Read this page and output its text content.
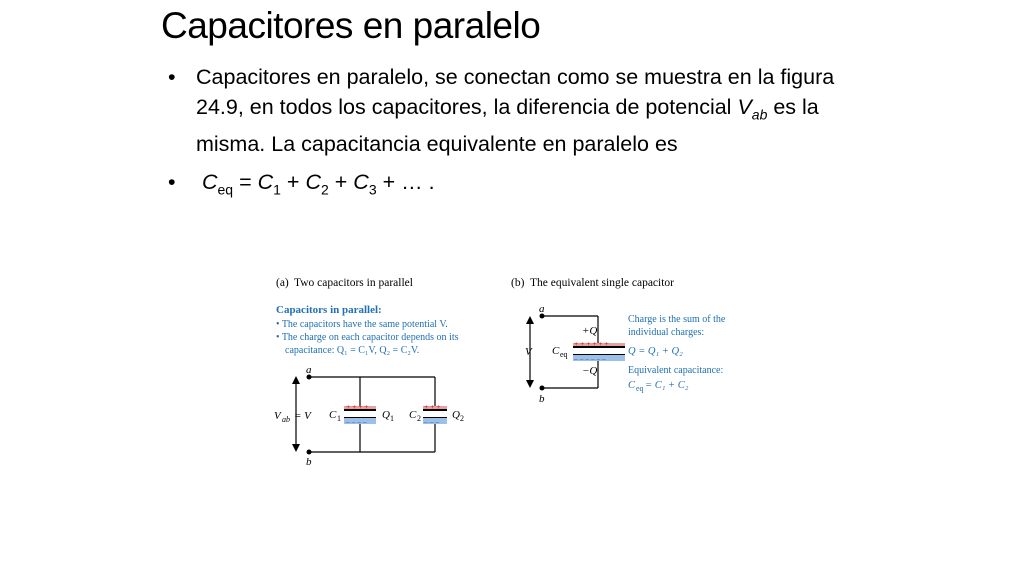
Capacitores en paralelo
• Capacitores en paralelo, se conectan como se muestra en la figura 24.9, en todos los capacitores, la diferencia de potencial $V_{ab}$ es la misma. La capacitancia equivalente en paralelo es
•	$C_{eq} = C_1 + C_2 + C_3$ + … .
(a) Two capacitors in parallel
Capacitors in parallel:
• The capacitors have the same potential V.
• The charge on each capacitor depends on its
capacitance: Q₁ = C₁V, Q₂ = C₂V.
a
b
V ab = V
+ + + +
– – – –
C 1	Q 1
+ + +
– – –
C 2	Q 2
(b) The equivalent single capacitor
a
b
V
+ + + + + +
– – – – – –
+Q
−Q
C eq
Charge is the sum of the
individual charges:
Q = Q₁ + Q₂
Equivalent capacitance:
C eq = C₁ + C₂
